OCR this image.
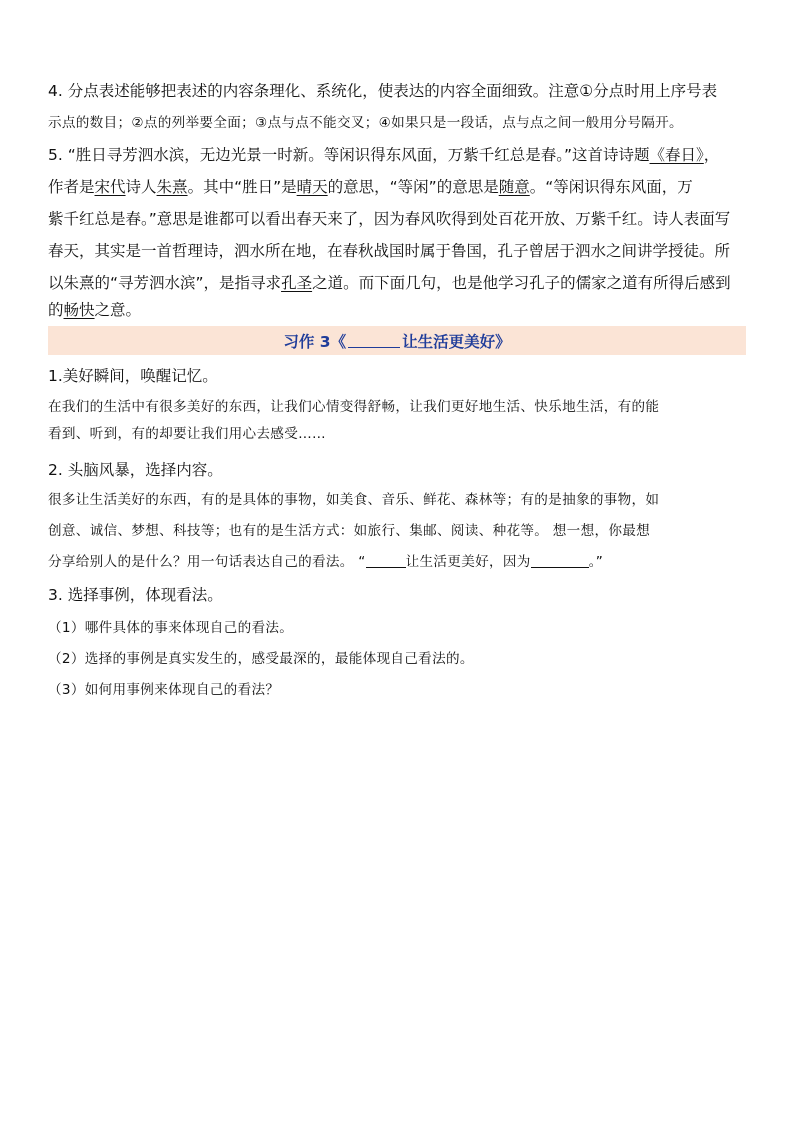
4. 分点表述能够把表述的内容条理化、系统化，使表达的内容全面细致。注意①分点时用上序号表
示点的数目；②点的列举要全面；③点与点不能交叉；④如果只是一段话，点与点之间一般用分号隔开。
5. “胜日寻芳泗水滨，无边光景一时新。等闲识得东风面，万紫千红总是春。”这首诗诗题《春日》，
作者是宋代诗人朱熹。其中“胜日”是晴天的意思，“等闲”的意思是随意。“等闲识得东风面，万
紫千红总是春。”意思是谁都可以看出春天来了，因为春风吹得到处百花开放、万紫千红。诗人表面写
春天，其实是一首哲理诗，泗水所在地，在春秋战国时属于鲁国，孔子曾居于泗水之间讲学授徒。所
以朱熹的“寻芳泗水滨”，是指寻求孔圣之道。而下面几句，也是他学习孔子的儒家之道有所得后感到
的畅快之意。
习作 3《	让生活更美好》
1.美好瞬间，唤醒记忆。
在我们的生活中有很多美好的东西，让我们心情变得舒畅，让我们更好地生活、快乐地生活，有的能
看到、听到，有的却要让我们用心去感受……
2. 头脑风暴，选择内容。
很多让生活美好的东西，有的是具体的事物，如美食、音乐、鲜花、森林等；有的是抽象的事物，如
创意、诚信、梦想、科技等；也有的是生活方式：如旅行、集邮、阅读、种花等。 想一想，你最想
分享给别人的是什么？用一句话表达自己的看法。 “	让生活更美好，因为	。”
3. 选择事例，体现看法。
（1）哪件具体的事来体现自己的看法。
（2）选择的事例是真实发生的，感受最深的，最能体现自己看法的。
（3）如何用事例来体现自己的看法？
